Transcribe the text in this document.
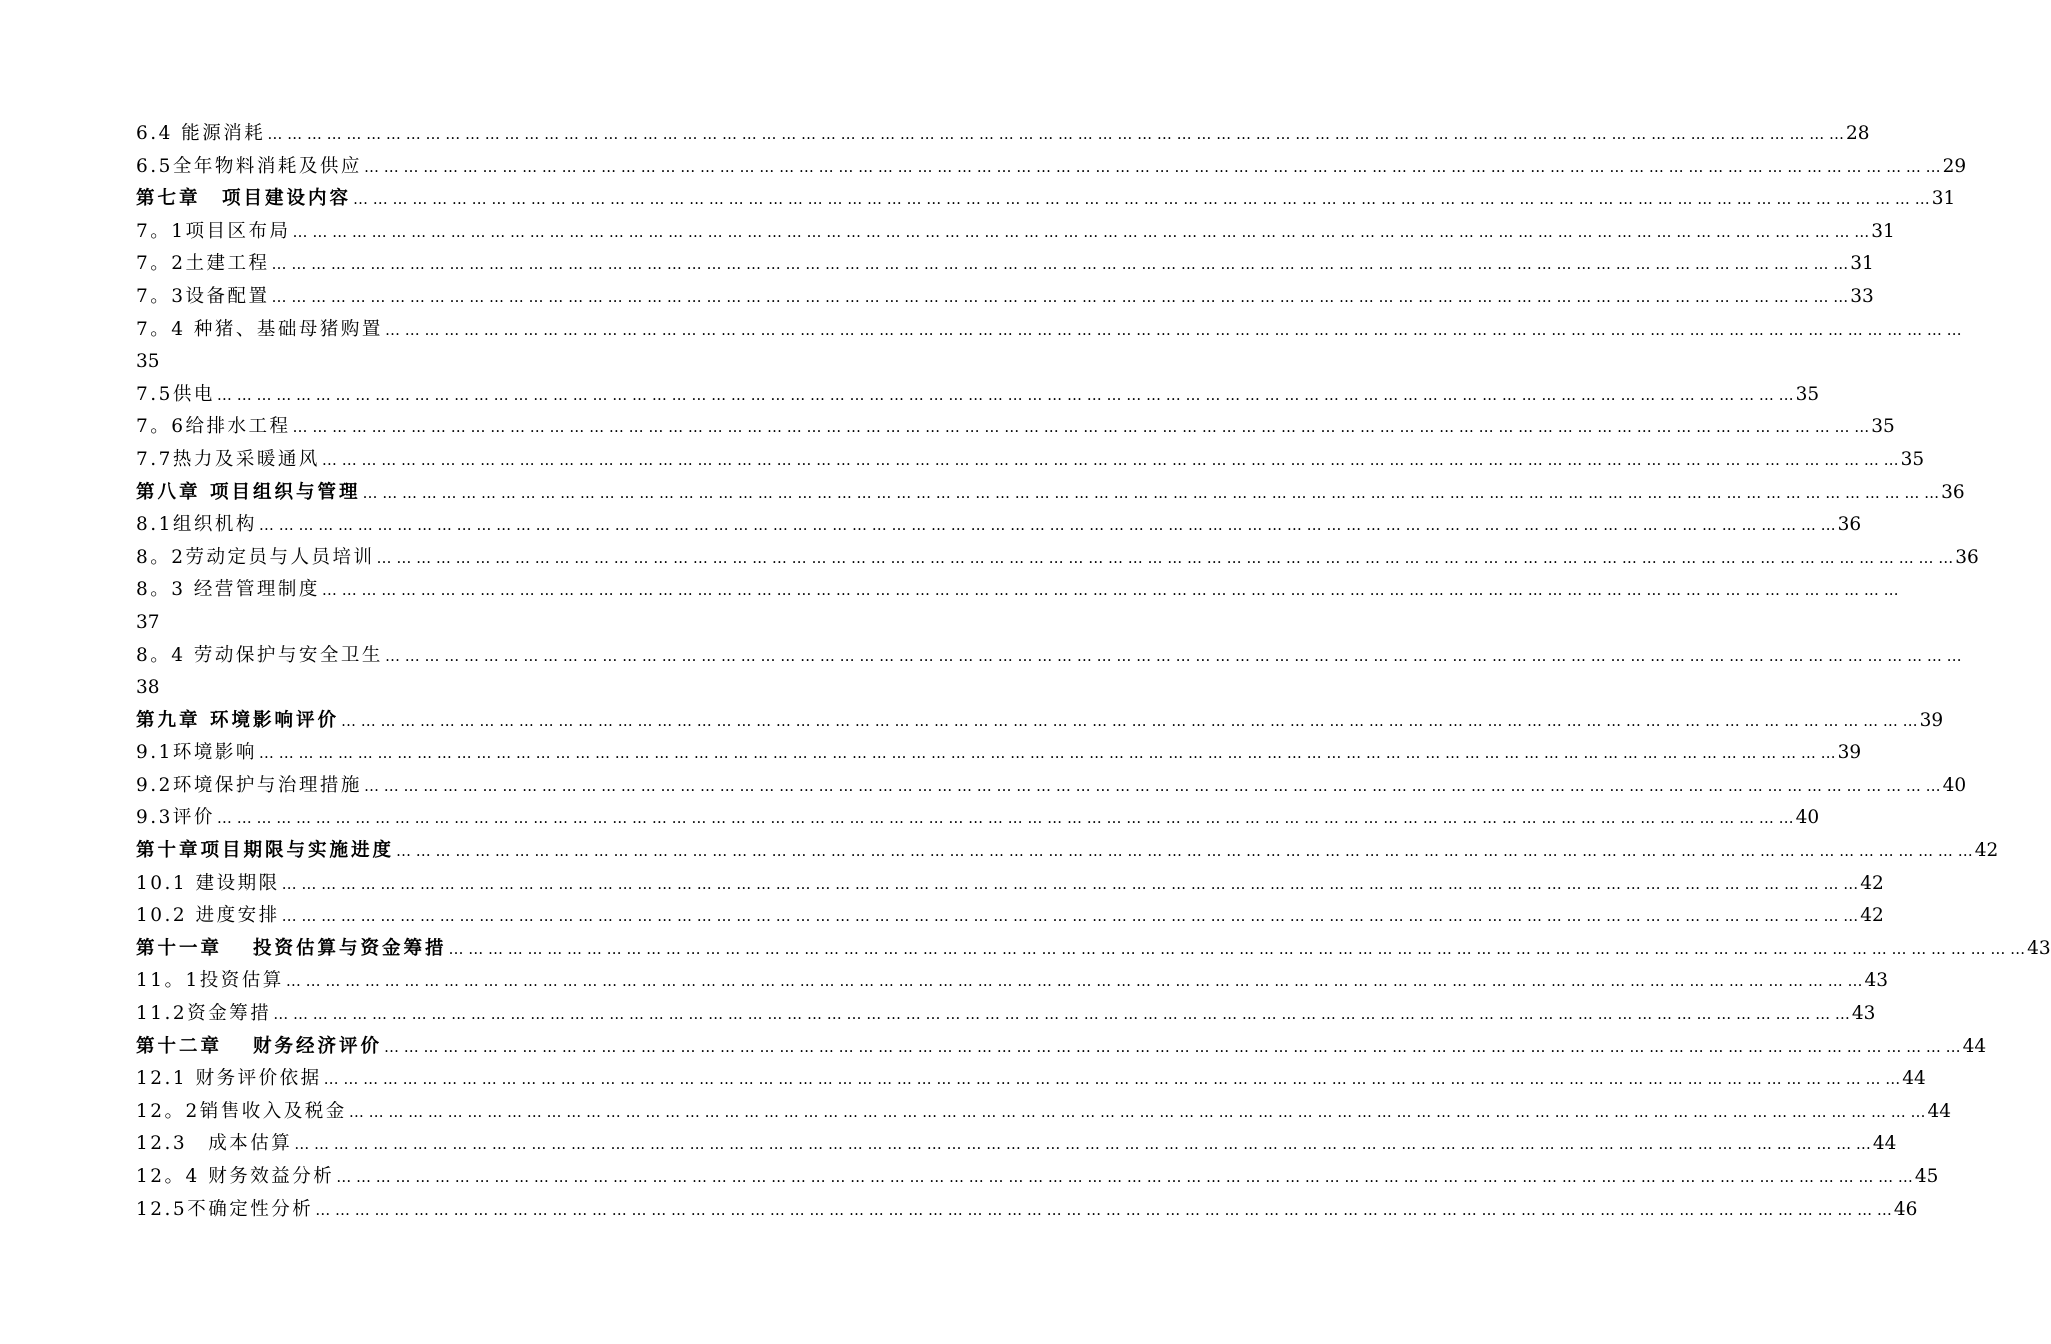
6.4 能源消耗 … … … … … … … … … … … … … … … … … … … … … … … … … … … … … … … … … … … … … … … … … … … … … … … … … … … … … … … … … … … … … … … … … … … … … … … … … … … … … … … … 28
6.5全年物料消耗及供应 … … … … … … … … … … … … … … … … … … … … … … … … … … … … … … … … … … … … … … … … … … … … … … … … … … … … … … … … … … … … … … … … … … … … … … … … … … … … … … … … 29
第七章　项目建设内容 … … … … … … … … … … … … … … … … … … … … … … … … … … … … … … … … … … … … … … … … … … … … … … … … … … … … … … … … … … … … … … … … … … … … … … … … … … … … … … … … 31
7。1项目区布局 … … … … … … … … … … … … … … … … … … … … … … … … … … … … … … … … … … … … … … … … … … … … … … … … … … … … … … … … … … … … … … … … … … … … … … … … … … … … … … … … 31
7。2土建工程 … … … … … … … … … … … … … … … … … … … … … … … … … … … … … … … … … … … … … … … … … … … … … … … … … … … … … … … … … … … … … … … … … … … … … … … … … … … … … … … … 31
7。3设备配置 … … … … … … … … … … … … … … … … … … … … … … … … … … … … … … … … … … … … … … … … … … … … … … … … … … … … … … … … … … … … … … … … … … … … … … … … … … … … … … … … 33
7。4 种猪、基础母猪购置 … … … … … … … … … … … … … … … … … … … … … … … … … … … … … … … … … … … … … … … … … … … … … … … … … … … … … … … … … … … … … … … … … … … … … … … … … … … … … … … …
35
7.5供电 … … … … … … … … … … … … … … … … … … … … … … … … … … … … … … … … … … … … … … … … … … … … … … … … … … … … … … … … … … … … … … … … … … … … … … … … … … … … … … … … 35
7。6给排水工程 … … … … … … … … … … … … … … … … … … … … … … … … … … … … … … … … … … … … … … … … … … … … … … … … … … … … … … … … … … … … … … … … … … … … … … … … … … … … … … … … 35
7.7热力及采暖通风 … … … … … … … … … … … … … … … … … … … … … … … … … … … … … … … … … … … … … … … … … … … … … … … … … … … … … … … … … … … … … … … … … … … … … … … … … … … … … … … … 35
第八章 项目组织与管理 … … … … … … … … … … … … … … … … … … … … … … … … … … … … … … … … … … … … … … … … … … … … … … … … … … … … … … … … … … … … … … … … … … … … … … … … … … … … … … … … 36
8.1组织机构 … … … … … … … … … … … … … … … … … … … … … … … … … … … … … … … … … … … … … … … … … … … … … … … … … … … … … … … … … … … … … … … … … … … … … … … … … … … … … … … … 36
8。2劳动定员与人员培训 … … … … … … … … … … … … … … … … … … … … … … … … … … … … … … … … … … … … … … … … … … … … … … … … … … … … … … … … … … … … … … … … … … … … … … … … … … … … … … … … 36
8。3 经营管理制度 … … … … … … … … … … … … … … … … … … … … … … … … … … … … … … … … … … … … … … … … … … … … … … … … … … … … … … … … … … … … … … … … … … … … … … … … … … … … … … … …
37
8。4 劳动保护与安全卫生 … … … … … … … … … … … … … … … … … … … … … … … … … … … … … … … … … … … … … … … … … … … … … … … … … … … … … … … … … … … … … … … … … … … … … … … … … … … … … … … …
38
第九章 环境影响评价 … … … … … … … … … … … … … … … … … … … … … … … … … … … … … … … … … … … … … … … … … … … … … … … … … … … … … … … … … … … … … … … … … … … … … … … … … … … … … … … … 39
9.1环境影响 … … … … … … … … … … … … … … … … … … … … … … … … … … … … … … … … … … … … … … … … … … … … … … … … … … … … … … … … … … … … … … … … … … … … … … … … … … … … … … … … 39
9.2环境保护与治理措施 … … … … … … … … … … … … … … … … … … … … … … … … … … … … … … … … … … … … … … … … … … … … … … … … … … … … … … … … … … … … … … … … … … … … … … … … … … … … … … … … 40
9.3评价 … … … … … … … … … … … … … … … … … … … … … … … … … … … … … … … … … … … … … … … … … … … … … … … … … … … … … … … … … … … … … … … … … … … … … … … … … … … … … … … … 40
第十章项目期限与实施进度 … … … … … … … … … … … … … … … … … … … … … … … … … … … … … … … … … … … … … … … … … … … … … … … … … … … … … … … … … … … … … … … … … … … … … … … … … … … … … … … … 42
10.1 建设期限 … … … … … … … … … … … … … … … … … … … … … … … … … … … … … … … … … … … … … … … … … … … … … … … … … … … … … … … … … … … … … … … … … … … … … … … … … … … … … … … … 42
10.2 进度安排 … … … … … … … … … … … … … … … … … … … … … … … … … … … … … … … … … … … … … … … … … … … … … … … … … … … … … … … … … … … … … … … … … … … … … … … … … … … … … … … … 42
第十一章　 投资估算与资金筹措 … … … … … … … … … … … … … … … … … … … … … … … … … … … … … … … … … … … … … … … … … … … … … … … … … … … … … … … … … … … … … … … … … … … … … … … … … … … … … … … … 43
11。1投资估算 … … … … … … … … … … … … … … … … … … … … … … … … … … … … … … … … … … … … … … … … … … … … … … … … … … … … … … … … … … … … … … … … … … … … … … … … … … … … … … … … 43
11.2资金筹措 … … … … … … … … … … … … … … … … … … … … … … … … … … … … … … … … … … … … … … … … … … … … … … … … … … … … … … … … … … … … … … … … … … … … … … … … … … … … … … … … 43
第十二章　 财务经济评价 … … … … … … … … … … … … … … … … … … … … … … … … … … … … … … … … … … … … … … … … … … … … … … … … … … … … … … … … … … … … … … … … … … … … … … … … … … … … … … … … 44
12.1 财务评价依据 … … … … … … … … … … … … … … … … … … … … … … … … … … … … … … … … … … … … … … … … … … … … … … … … … … … … … … … … … … … … … … … … … … … … … … … … … … … … … … … … 44
12。2销售收入及税金 … … … … … … … … … … … … … … … … … … … … … … … … … … … … … … … … … … … … … … … … … … … … … … … … … … … … … … … … … … … … … … … … … … … … … … … … … … … … … … … … 44
12.3　成本估算 … … … … … … … … … … … … … … … … … … … … … … … … … … … … … … … … … … … … … … … … … … … … … … … … … … … … … … … … … … … … … … … … … … … … … … … … … … … … … … … … 44
12。4 财务效益分析 … … … … … … … … … … … … … … … … … … … … … … … … … … … … … … … … … … … … … … … … … … … … … … … … … … … … … … … … … … … … … … … … … … … … … … … … … … … … … … … … 45
12.5不确定性分析 … … … … … … … … … … … … … … … … … … … … … … … … … … … … … … … … … … … … … … … … … … … … … … … … … … … … … … … … … … … … … … … … … … … … … … … … … … … … … … … … 46
